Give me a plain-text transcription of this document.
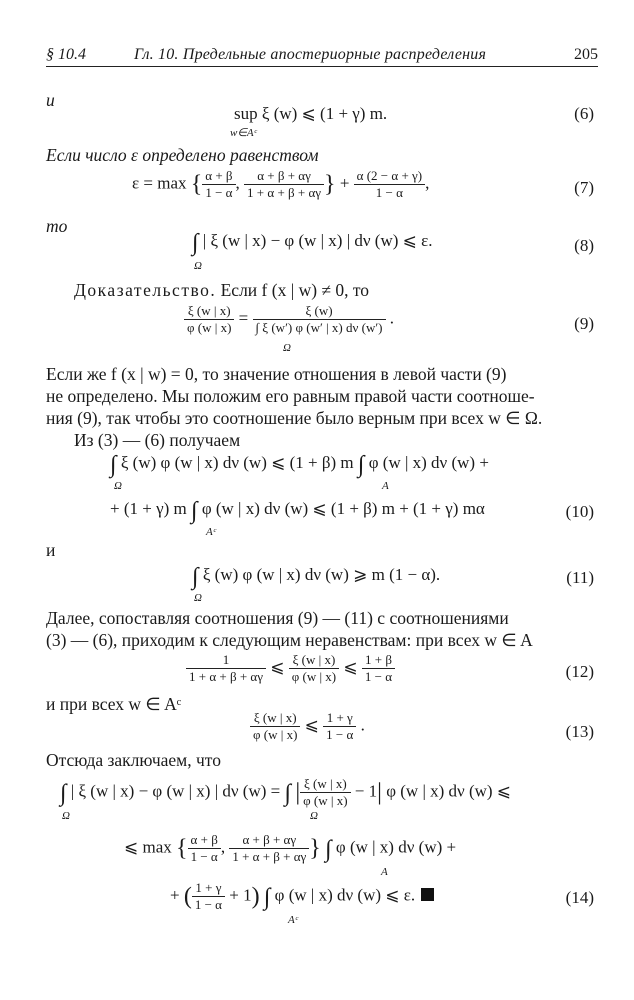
§ 10.4	Гл. 10. Предельные апостериорные распределения	205
и
sup ξ (w) ⩽ (1 + γ) m.
w∈Aᶜ
(6)
Если число ε определено равенством
ε = max { $\frac{\alpha + \beta}{1 - \alpha}$ , $\frac{\alpha + \beta + \alpha\gamma}{1 + \alpha + \beta + \alpha\gamma}$ } + $\frac{\alpha (2 - \alpha + \gamma)}{1 - \alpha}$ ,	(7)
то
∫ | ξ (w | x) − φ (w | x) | dν (w) ⩽ ε.
Ω
(8)
Доказательство. Если f (x | w) ≠ 0, то
$\frac{\xi (w | x)}{\varphi (w | x)} = \frac{\xi (w)}{\int \xi (w') \varphi (w' | x) d\nu (w')}$ .
Ω
(9)
Если же f (x | w) = 0, то значение отношения в левой части (9)
не определено. Мы положим его равным правой части соотноше-
ния (9), так чтобы это соотношение было верным при всех w ∈ Ω.
Из (3) — (6) получаем
∫ ξ (w) φ (w | x) dν (w) ⩽ (1 + β) m ∫ φ (w | x) dν (w) +
Ω	A
+ (1 + γ) m ∫ φ (w | x) dν (w) ⩽ (1 + β) m + (1 + γ) mα
Aᶜ
(10)
и
∫ ξ (w) φ (w | x) dν (w) ⩾ m (1 − α).
Ω
(11)
Далее, сопоставляя соотношения (9) — (11) с соотношениями
(3) — (6), приходим к следующим неравенствам: при всех w ∈ A
$\frac{1}{1 + \alpha + \beta + \alpha\gamma}$ ⩽ $\frac{\xi (w | x)}{\varphi (w | x)}$ ⩽ $\frac{1 + \beta}{1 - \alpha}$	(12)
и при всех w ∈ Aᶜ
$\frac{\xi (w | x)}{\varphi (w | x)}$ ⩽ $\frac{1 + \gamma}{1 - \alpha}$ .	(13)
Отсюда заключаем, что
∫ | ξ (w | x) − φ (w | x) | dν (w) = ∫ | $\frac{\xi (w | x)}{\varphi (w | x)} - 1|$ φ (w | x) dν (w) ⩽
Ω	Ω
⩽ max { $\frac{\alpha + \beta}{1 - \alpha}$ , $\frac{\alpha + \beta + \alpha\gamma}{1 + \alpha + \beta + \alpha\gamma}$ } ∫ φ (w | x) dν (w) +
A
+ ( $\frac{1 + \gamma}{1 - \alpha} + 1$) ∫ φ (w | x) dν (w) ⩽ ε.
Aᶜ
(14)
